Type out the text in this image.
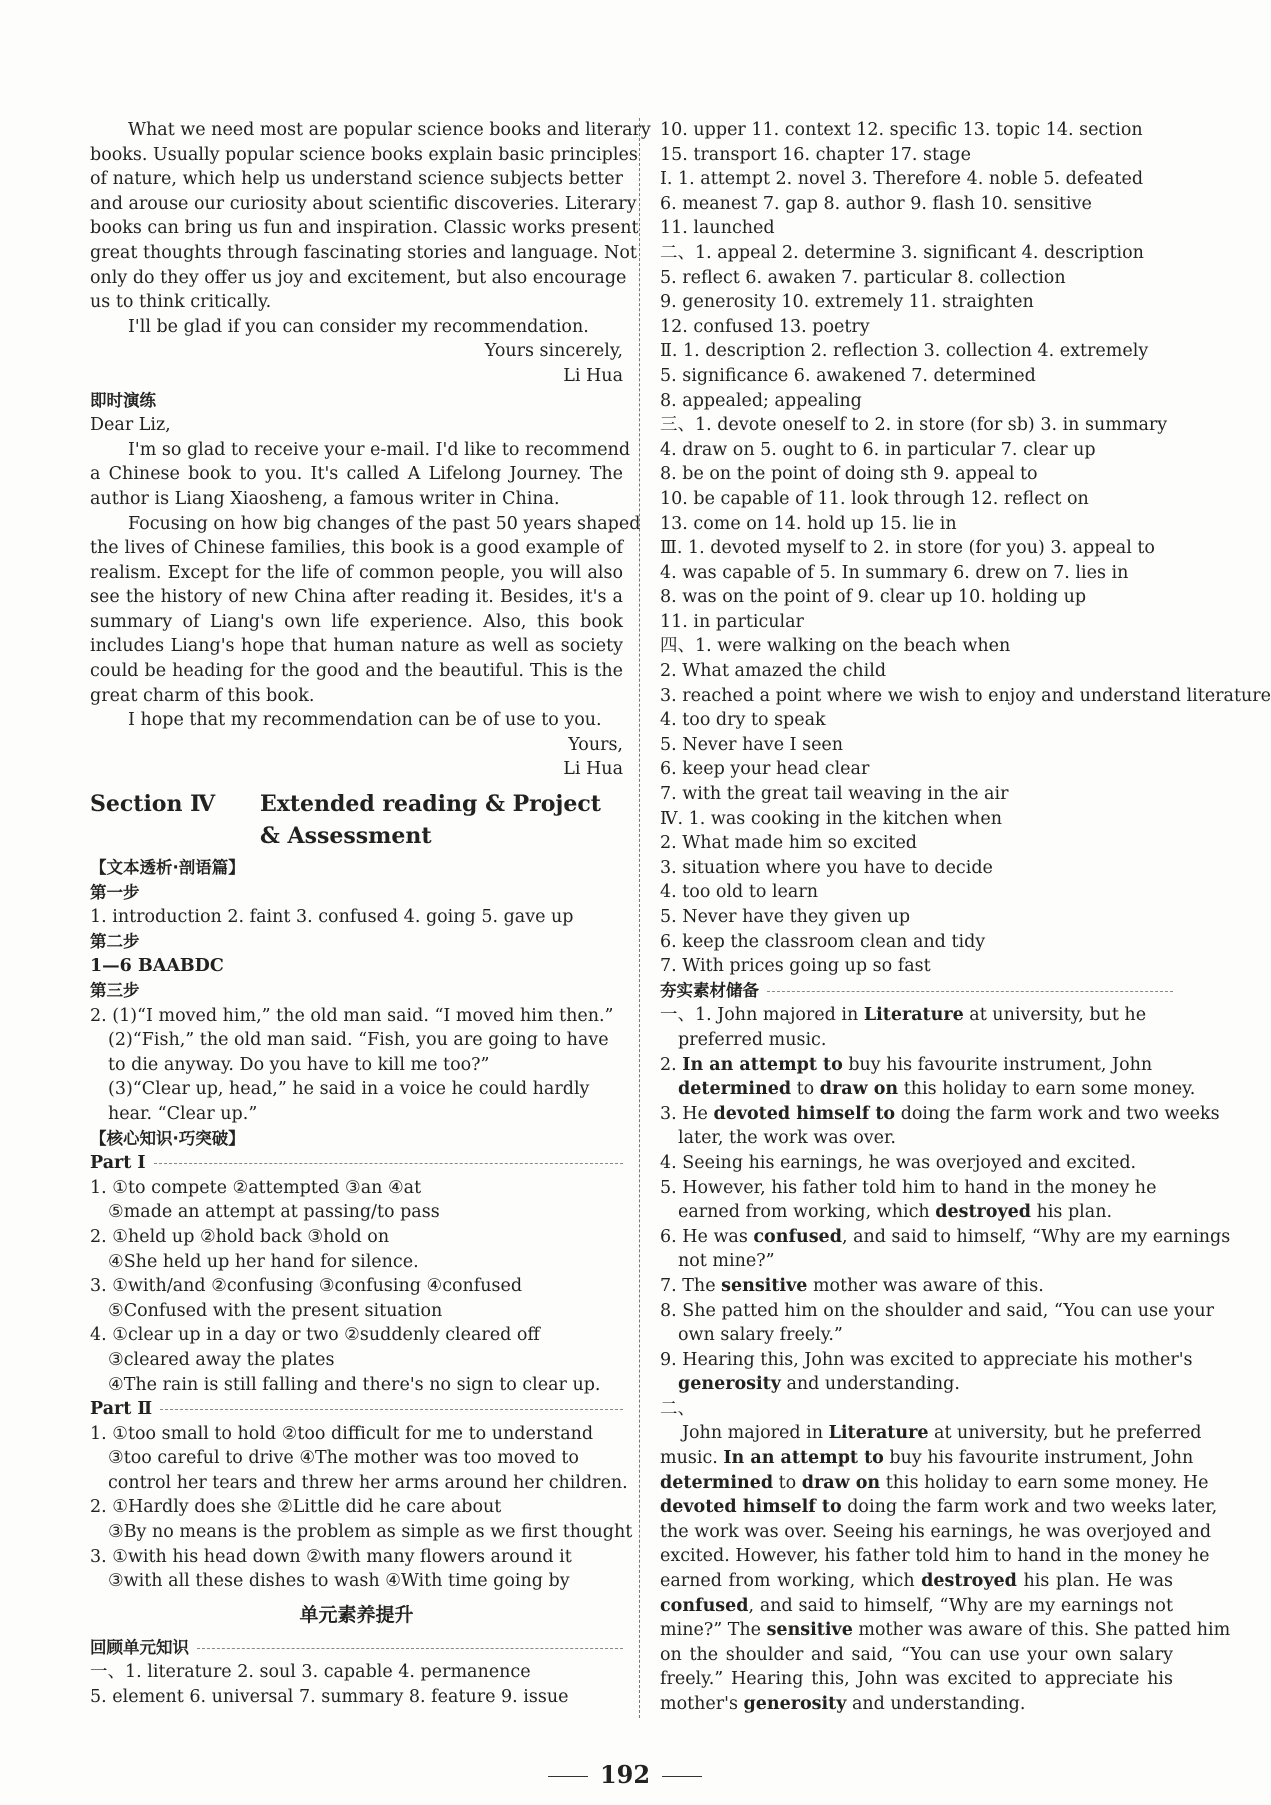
What we need most are popular science books and literary
books. Usually popular science books explain basic principles
of nature, which help us understand science subjects better
and arouse our curiosity about scientific discoveries. Literary
books can bring us fun and inspiration. Classic works present
great thoughts through fascinating stories and language. Not
only do they offer us joy and excitement, but also encourage
us to think critically.
I'll be glad if you can consider my recommendation.
Yours sincerely,
Li Hua
即时演练
Dear Liz,
I'm so glad to receive your e-mail. I'd like to recommend
a Chinese book to you. It's called A Lifelong Journey. The
author is Liang Xiaosheng, a famous writer in China.
Focusing on how big changes of the past 50 years shaped
the lives of Chinese families, this book is a good example of
realism. Except for the life of common people, you will also
see the history of new China after reading it. Besides, it's a
summary of Liang's own life experience. Also, this book
includes Liang's hope that human nature as well as society
could be heading for the good and the beautiful. This is the
great charm of this book.
I hope that my recommendation can be of use to you.
Yours,
Li Hua
Section Ⅳ Extended reading & Project
& Assessment
【文本透析·剖语篇】
第一步
1. introduction 2. faint 3. confused 4. going 5. gave up
第二步
1—6 BAABDC
第三步
2. (1)“I moved him,” the old man said. “I moved him then.”
(2)“Fish,” the old man said. “Fish, you are going to have
to die anyway. Do you have to kill me too?”
(3)“Clear up, head,” he said in a voice he could hardly
hear. “Clear up.”
【核心知识·巧突破】
Part Ⅰ
1. ①to compete ②attempted ③an ④at
⑤made an attempt at passing/to pass
2. ①held up ②hold back ③hold on
④She held up her hand for silence.
3. ①with/and ②confusing ③confusing ④confused
⑤Confused with the present situation
4. ①clear up in a day or two ②suddenly cleared off
③cleared away the plates
④The rain is still falling and there's no sign to clear up.
Part Ⅱ
1. ①too small to hold ②too difficult for me to understand
③too careful to drive ④The mother was too moved to
control her tears and threw her arms around her children.
2. ①Hardly does she ②Little did he care about
③By no means is the problem as simple as we first thought
3. ①with his head down ②with many flowers around it
③with all these dishes to wash ④With time going by
单元素养提升
回顾单元知识
一、1. literature 2. soul 3. capable 4. permanence
5. element 6. universal 7. summary 8. feature 9. issue
10. upper 11. context 12. specific 13. topic 14. section
15. transport 16. chapter 17. stage
Ⅰ. 1. attempt 2. novel 3. Therefore 4. noble 5. defeated
6. meanest 7. gap 8. author 9. flash 10. sensitive
11. launched
二、1. appeal 2. determine 3. significant 4. description
5. reflect 6. awaken 7. particular 8. collection
9. generosity 10. extremely 11. straighten
12. confused 13. poetry
Ⅱ. 1. description 2. reflection 3. collection 4. extremely
5. significance 6. awakened 7. determined
8. appealed; appealing
三、1. devote oneself to 2. in store (for sb) 3. in summary
4. draw on 5. ought to 6. in particular 7. clear up
8. be on the point of doing sth 9. appeal to
10. be capable of 11. look through 12. reflect on
13. come on 14. hold up 15. lie in
Ⅲ. 1. devoted myself to 2. in store (for you) 3. appeal to
4. was capable of 5. In summary 6. drew on 7. lies in
8. was on the point of 9. clear up 10. holding up
11. in particular
四、1. were walking on the beach when
2. What amazed the child
3. reached a point where we wish to enjoy and understand literature
4. too dry to speak
5. Never have I seen
6. keep your head clear
7. with the great tail weaving in the air
Ⅳ. 1. was cooking in the kitchen when
2. What made him so excited
3. situation where you have to decide
4. too old to learn
5. Never have they given up
6. keep the classroom clean and tidy
7. With prices going up so fast
夯实素材储备
一、1. John majored in Literature at university, but he
preferred music.
2. In an attempt to buy his favourite instrument, John
determined to draw on this holiday to earn some money.
3. He devoted himself to doing the farm work and two weeks
later, the work was over.
4. Seeing his earnings, he was overjoyed and excited.
5. However, his father told him to hand in the money he
earned from working, which destroyed his plan.
6. He was confused, and said to himself, “Why are my earnings
not mine?”
7. The sensitive mother was aware of this.
8. She patted him on the shoulder and said, “You can use your
own salary freely.”
9. Hearing this, John was excited to appreciate his mother's
generosity and understanding.
二、
John majored in Literature at university, but he preferred
music. In an attempt to buy his favourite instrument, John
determined to draw on this holiday to earn some money. He
devoted himself to doing the farm work and two weeks later,
the work was over. Seeing his earnings, he was overjoyed and
excited. However, his father told him to hand in the money he
earned from working, which destroyed his plan. He was
confused, and said to himself, “Why are my earnings not
mine?” The sensitive mother was aware of this. She patted him
on the shoulder and said, “You can use your own salary
freely.” Hearing this, John was excited to appreciate his
mother's generosity and understanding.
192
